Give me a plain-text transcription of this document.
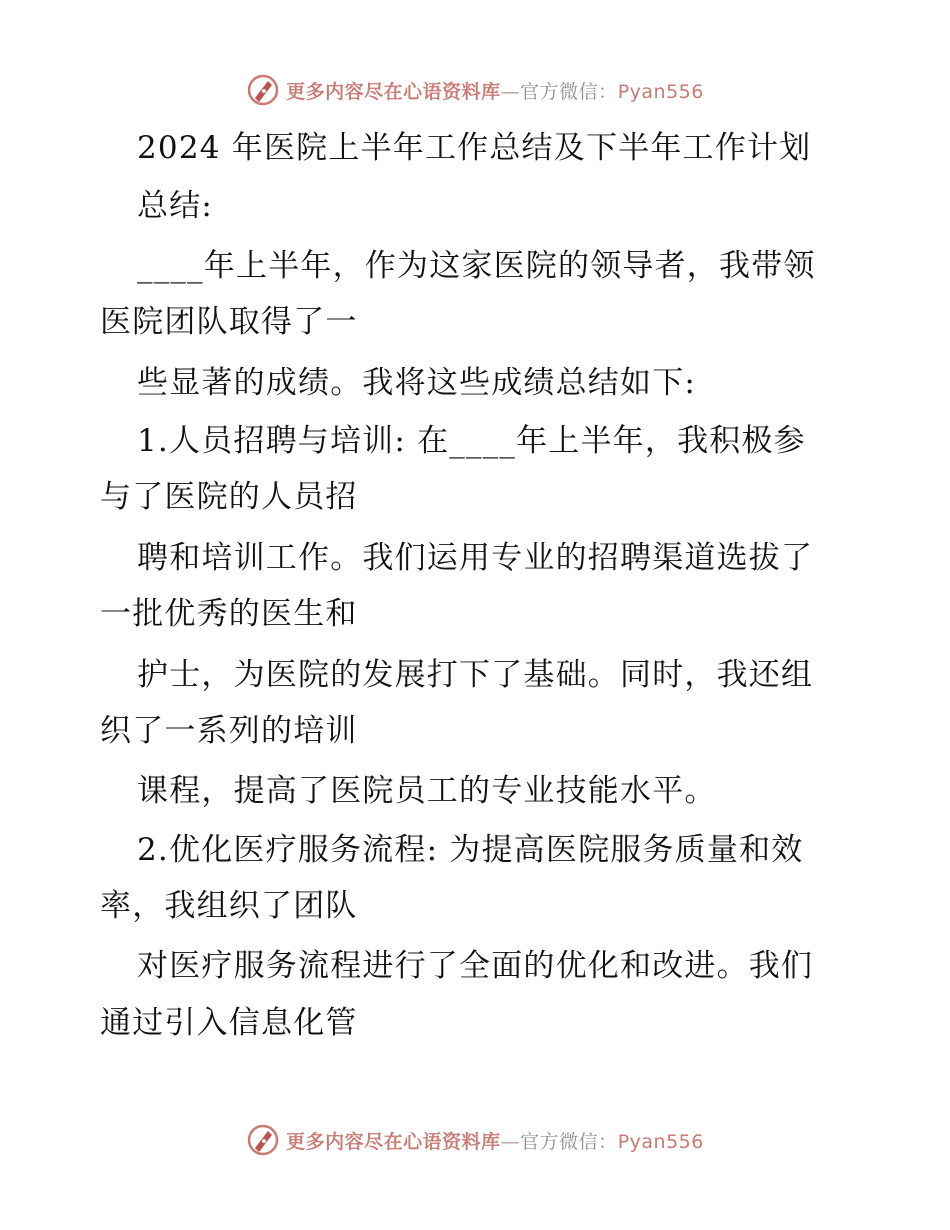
更多内容尽在心语资料库—官方微信：Pyan556
2024 年医院上半年工作总结及下半年工作计划
总结:
____年上半年，作为这家医院的领导者，我带领
医院团队取得了一
些显著的成绩。我将这些成绩总结如下:
1.人员招聘与培训: 在____年上半年，我积极参
与了医院的人员招
聘和培训工作。我们运用专业的招聘渠道选拔了
一批优秀的医生和
护士，为医院的发展打下了基础。同时，我还组
织了一系列的培训
课程，提高了医院员工的专业技能水平。
2.优化医疗服务流程: 为提高医院服务质量和效
率，我组织了团队
对医疗服务流程进行了全面的优化和改进。我们
通过引入信息化管
更多内容尽在心语资料库—官方微信：Pyan556
